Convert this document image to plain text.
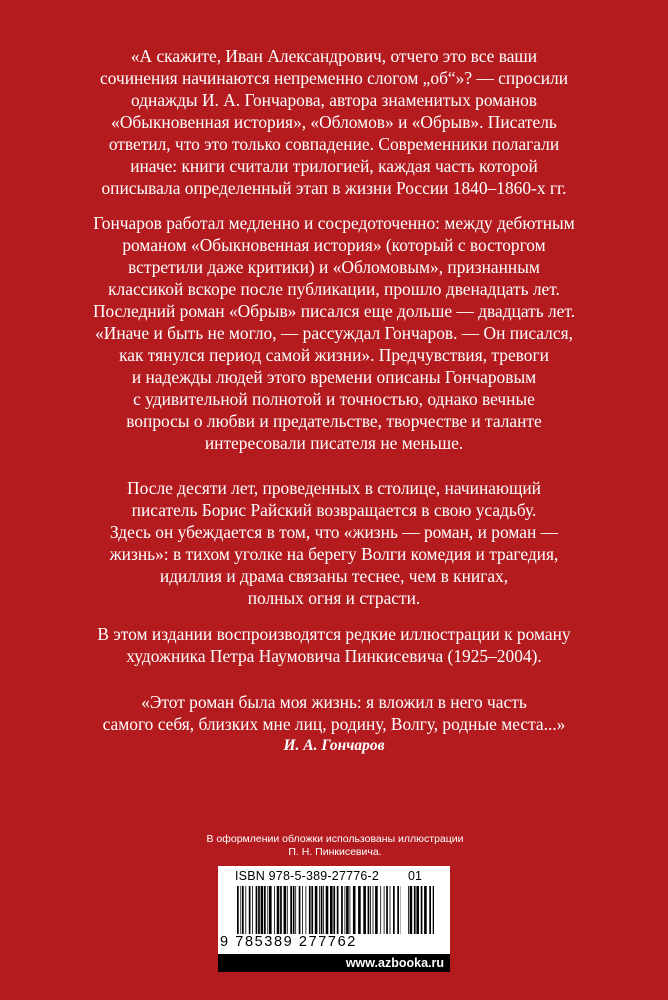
«А скажите, Иван Александрович, отчего это все ваши
сочинения начинаются непременно слогом „об“»? — спросили
однажды И. А. Гончарова, автора знаменитых романов
«Обыкновенная история», «Обломов» и «Обрыв». Писатель
ответил, что это только совпадение. Современники полагали
иначе: книги считали трилогией, каждая часть которой
описывала определенный этап в жизни России 1840–1860-х гг.
Гончаров работал медленно и сосредоточенно: между дебютным
романом «Обыкновенная история» (который с восторгом
встретили даже критики) и «Обломовым», признанным
классикой вскоре после публикации, прошло двенадцать лет.
Последний роман «Обрыв» писался еще дольше — двадцать лет.
«Иначе и быть не могло, — рассуждал Гончаров. — Он писался,
как тянулся период самой жизни». Предчувствия, тревоги
и надежды людей этого времени описаны Гончаровым
с удивительной полнотой и точностью, однако вечные
вопросы о любви и предательстве, творчестве и таланте
интересовали писателя не меньше.
После десяти лет, проведенных в столице, начинающий
писатель Борис Райский возвращается в свою усадьбу.
Здесь он убеждается в том, что «жизнь — роман, и роман —
жизнь»: в тихом уголке на берегу Волги комедия и трагедия,
идиллия и драма связаны теснее, чем в книгах,
полных огня и страсти.
В этом издании воспроизводятся редкие иллюстрации к роману
художника Петра Наумовича Пинкисевича (1925–2004).
«Этот роман была моя жизнь: я вложил в него часть
самого себя, близких мне лиц, родину, Волгу, родные места...»
И. А. Гончаров
В оформлении обложки использованы иллюстрации
П. Н. Пинкисевича.
ISBN 978-5-389-27776-2 01
9 785389 277762
www.azbooka.ru
